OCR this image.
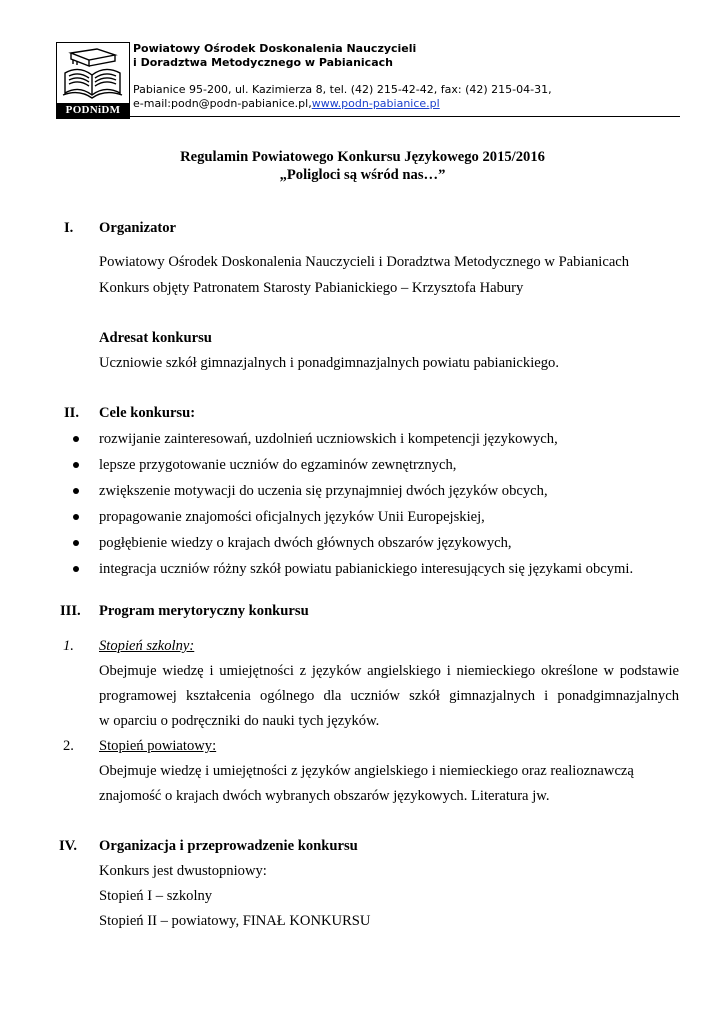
PODNiDM
Powiatowy Ośrodek Doskonalenia Nauczycieli
i Doradztwa Metodycznego w Pabianicach
Pabianice 95-200, ul. Kazimierza 8, tel. (42) 215-42-42, fax: (42) 215-04-31,
e-mail:podn@podn-pabianice.pl,www.podn-pabianice.pl
Regulamin Powiatowego Konkursu Językowego 2015/2016
„Poligloci są wśród nas…”
I. Organizator
Powiatowy Ośrodek Doskonalenia Nauczycieli i Doradztwa Metodycznego w Pabianicach
Konkurs objęty Patronatem Starosty Pabianickiego – Krzysztofa Habury
Adresat konkursu
Uczniowie szkół gimnazjalnych i ponadgimnazjalnych powiatu pabianickiego.
II. Cele konkursu:
rozwijanie zainteresowań, uzdolnień uczniowskich i kompetencji językowych,
lepsze przygotowanie uczniów do egzaminów zewnętrznych,
zwiększenie motywacji do uczenia się przynajmniej dwóch języków obcych,
propagowanie znajomości oficjalnych języków Unii Europejskiej,
pogłębienie wiedzy o krajach dwóch głównych obszarów językowych,
integracja uczniów różny szkół powiatu pabianickiego interesujących się językami obcymi.
III. Program merytoryczny konkursu
1. Stopień szkolny:
Obejmuje wiedzę i umiejętności z języków angielskiego i niemieckiego określone w podstawie
programowej kształcenia ogólnego dla uczniów szkół gimnazjalnych i ponadgimnazjalnych
w oparciu o podręczniki do nauki tych języków.
2. Stopień powiatowy:
Obejmuje wiedzę i umiejętności z języków angielskiego i niemieckiego oraz realioznawczą
znajomość o krajach dwóch wybranych obszarów językowych. Literatura jw.
IV. Organizacja i przeprowadzenie konkursu
Konkurs jest dwustopniowy:
Stopień I – szkolny
Stopień II – powiatowy, FINAŁ KONKURSU
